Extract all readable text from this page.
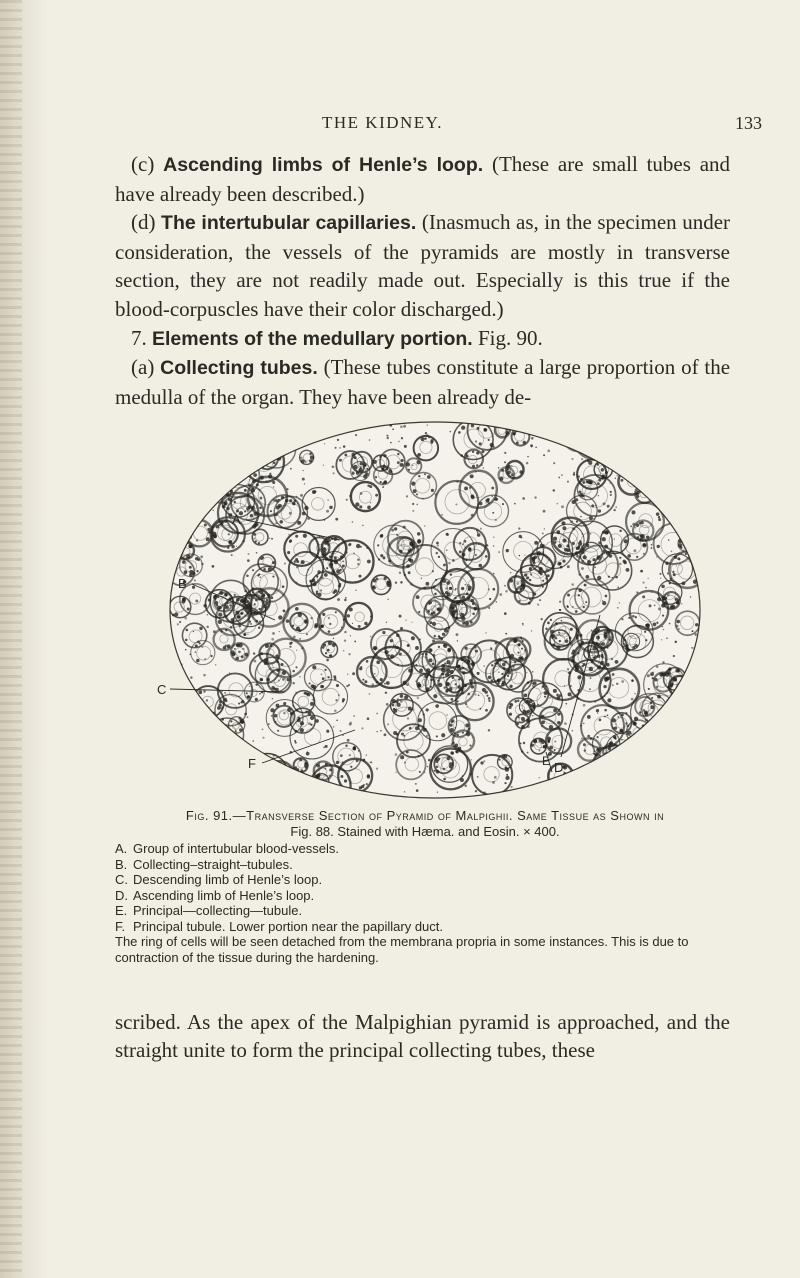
THE KIDNEY.	133

(c) Ascending limbs of Henle’s loop. (These are small tubes and have already been described.)

(d) The intertubular capillaries. (Inasmuch as, in the specimen under consideration, the vessels of the pyramids are mostly in transverse section, they are not readily made out. Especially is this true if the blood-corpuscles have their color discharged.)

7. Elements of the medullary portion. Fig. 90.

(a) Collecting tubes. (These tubes constitute a large proportion of the medulla of the organ. They have been already de-

A
B
C
D
E
F
Fig. 91.—Transverse Section of Pyramid of Malpighii. Same Tissue as Shown in
Fig. 88. Stained with Hæma. and Eosin. × 400.
A. Group of intertubular blood-vessels.
B. Collecting–straight–tubules.
C. Descending limb of Henle’s loop.
D. Ascending limb of Henle’s loop.
E. Principal—collecting—tubule.
F. Principal tubule. Lower portion near the papillary duct.

The ring of cells will be seen detached from the membrana propria in some instances. This is due to contraction of the tissue during the hardening.

scribed. As the apex of the Malpighian pyramid is approached, and the straight unite to form the principal collecting tubes, these
